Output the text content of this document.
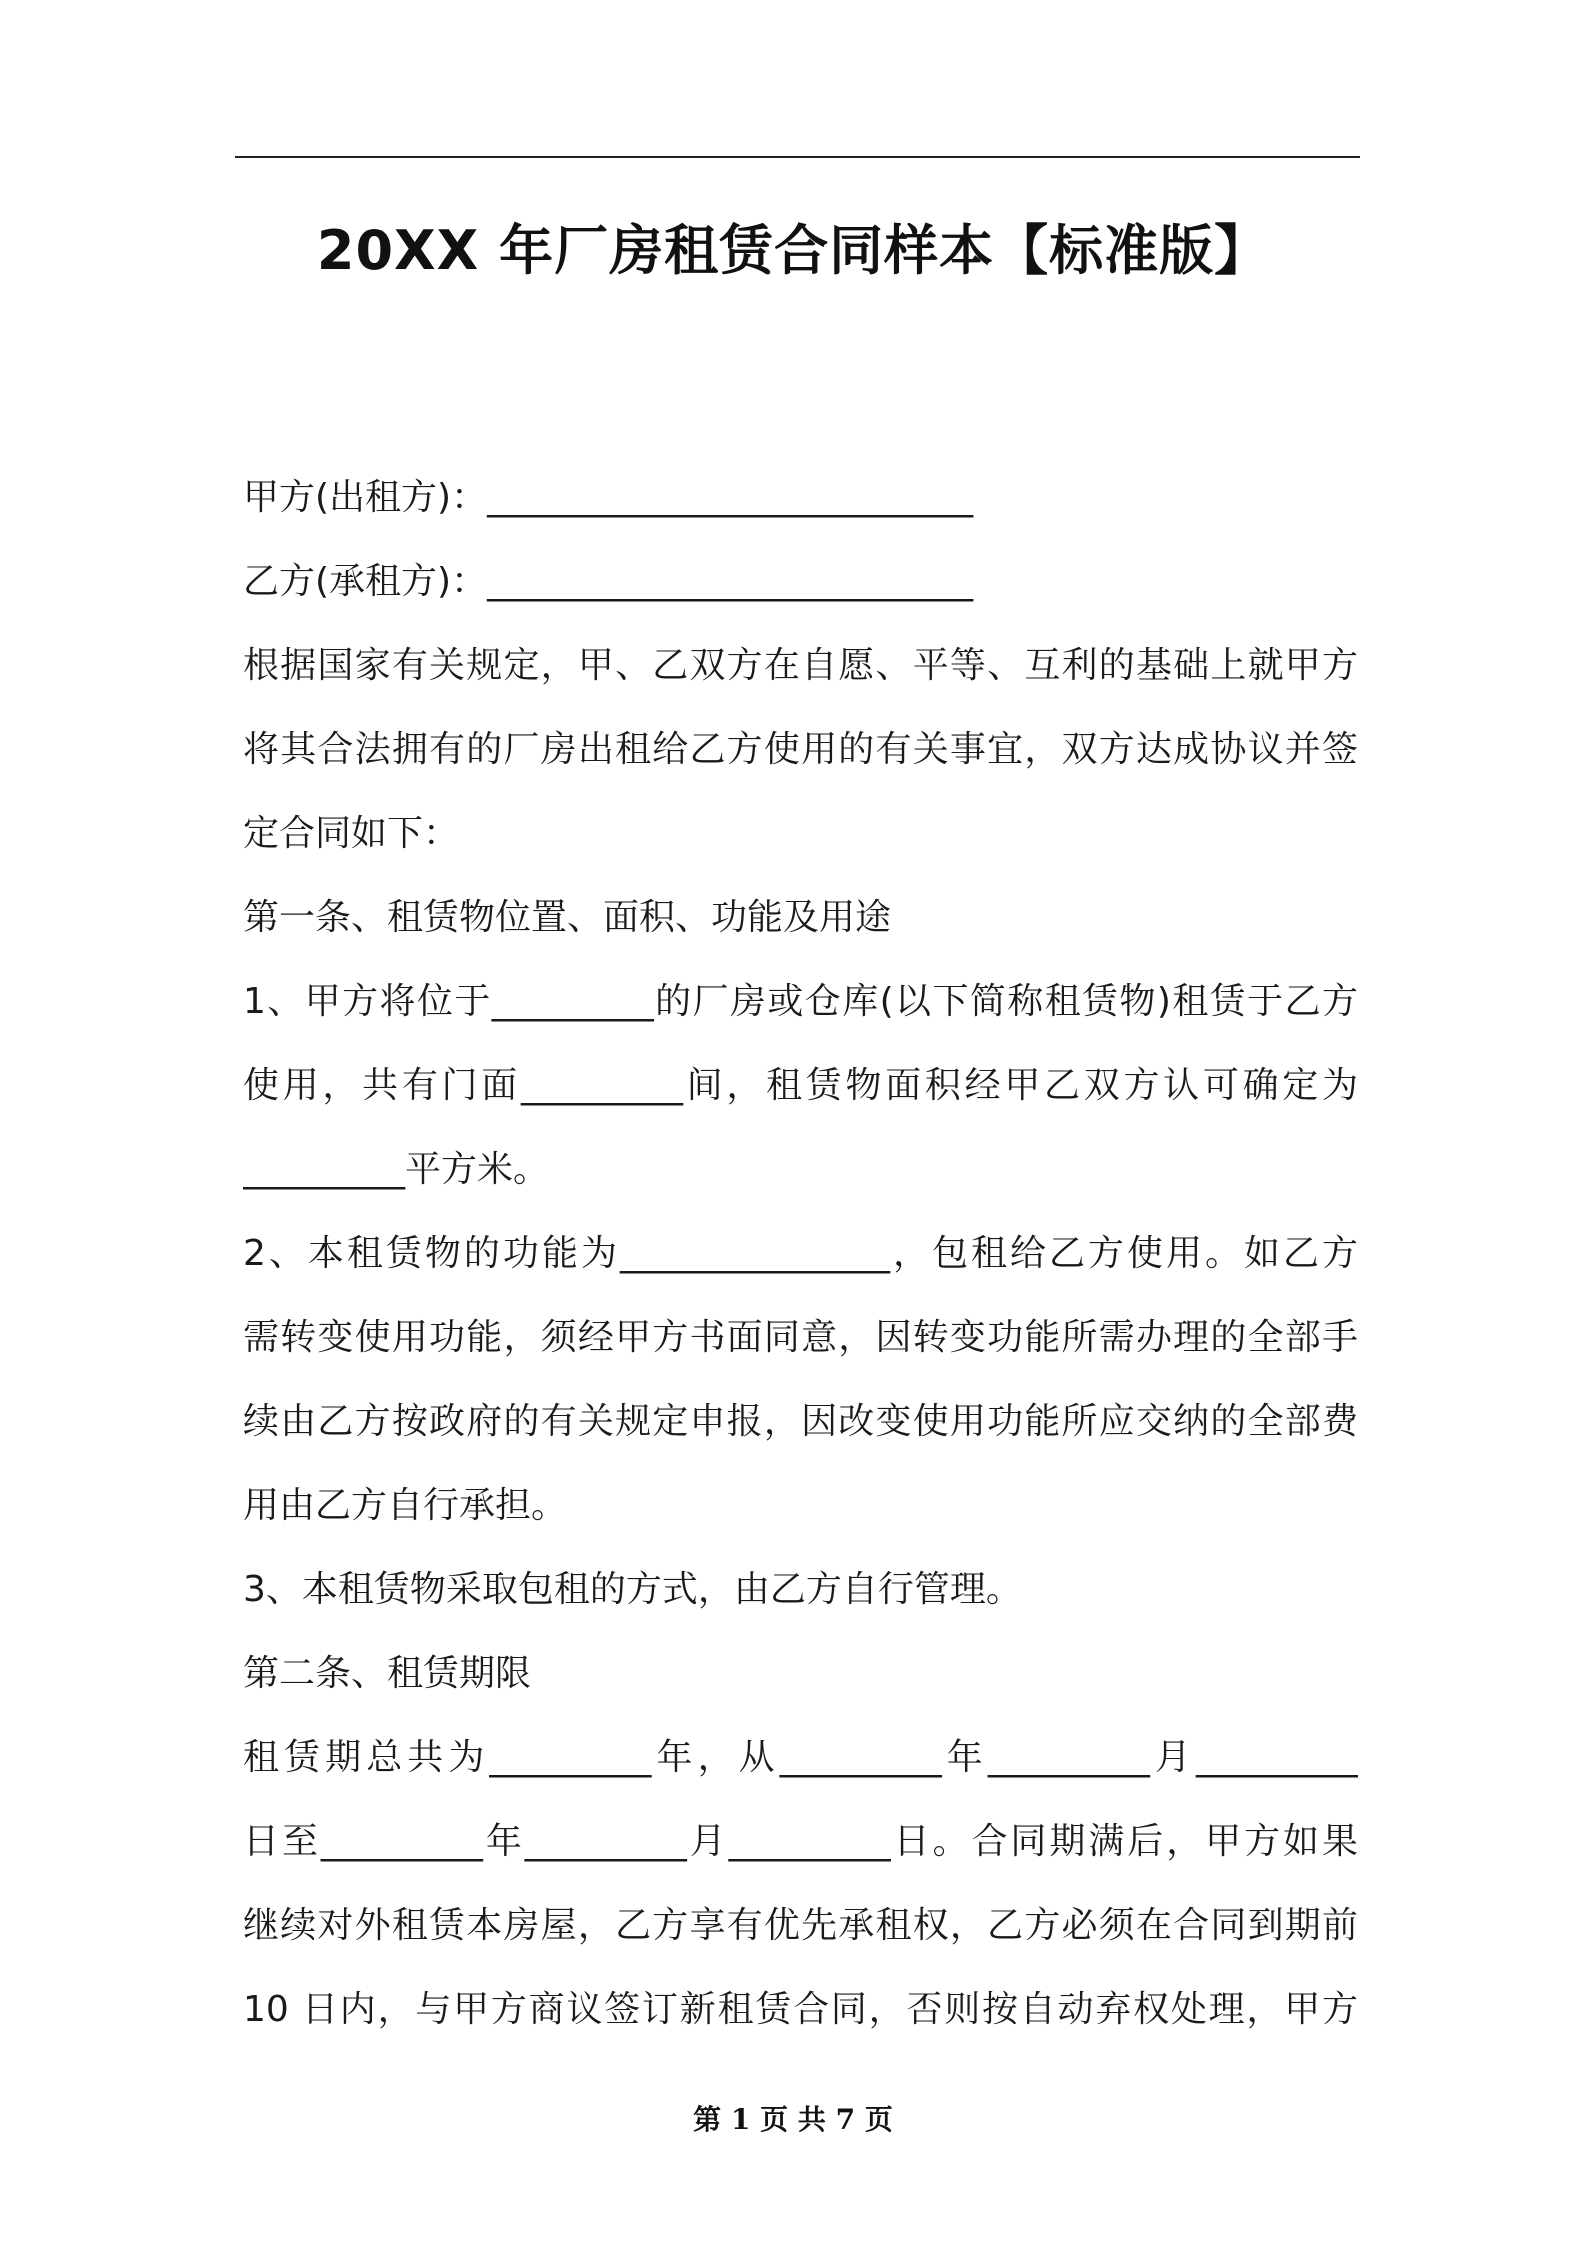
20XX 年厂房租赁合同样本【标准版】
甲方(出租方)：___________________________
乙方(承租方)：___________________________
根据国家有关规定，甲、乙双方在自愿、平等、互利的基础上就甲方
将其合法拥有的厂房出租给乙方使用的有关事宜，双方达成协议并签
定合同如下：
第一条、租赁物位置、面积、功能及用途
1、甲方将位于_________的厂房或仓库(以下简称租赁物)租赁于乙方
使用，共有门面_________间，租赁物面积经甲乙双方认可确定为
_________平方米。
2、本租赁物的功能为_______________，包租给乙方使用。如乙方
需转变使用功能，须经甲方书面同意，因转变功能所需办理的全部手
续由乙方按政府的有关规定申报，因改变使用功能所应交纳的全部费
用由乙方自行承担。
3、本租赁物采取包租的方式，由乙方自行管理。
第二条、租赁期限
租赁期总共为_________年，从_________年_________月_________
日至_________年_________月_________日。合同期满后，甲方如果
继续对外租赁本房屋，乙方享有优先承租权，乙方必须在合同到期前
10 日内，与甲方商议签订新租赁合同，否则按自动弃权处理，甲方
第 1 页 共 7 页
